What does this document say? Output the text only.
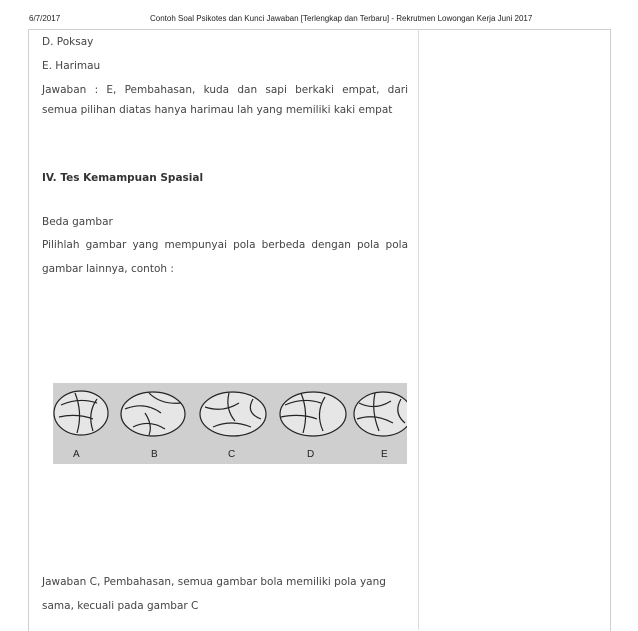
6/7/2017	Contoh Soal Psikotes dan Kunci Jawaban [Terlengkap dan Terbaru] - Rekrutmen Lowongan Kerja Juni 2017
D. Poksay
E. Harimau
Jawaban : E, Pembahasan, kuda dan sapi berkaki empat, dari
semua pilihan diatas hanya harimau lah yang memiliki kaki empat
IV. Tes Kemampuan Spasial
Beda gambar
Pilihlah gambar yang mempunyai pola berbeda dengan pola pola
gambar lainnya, contoh :
A	B	C	D	E
Jawaban C, Pembahasan, semua gambar bola memiliki pola yang
sama, kecuali pada gambar C
